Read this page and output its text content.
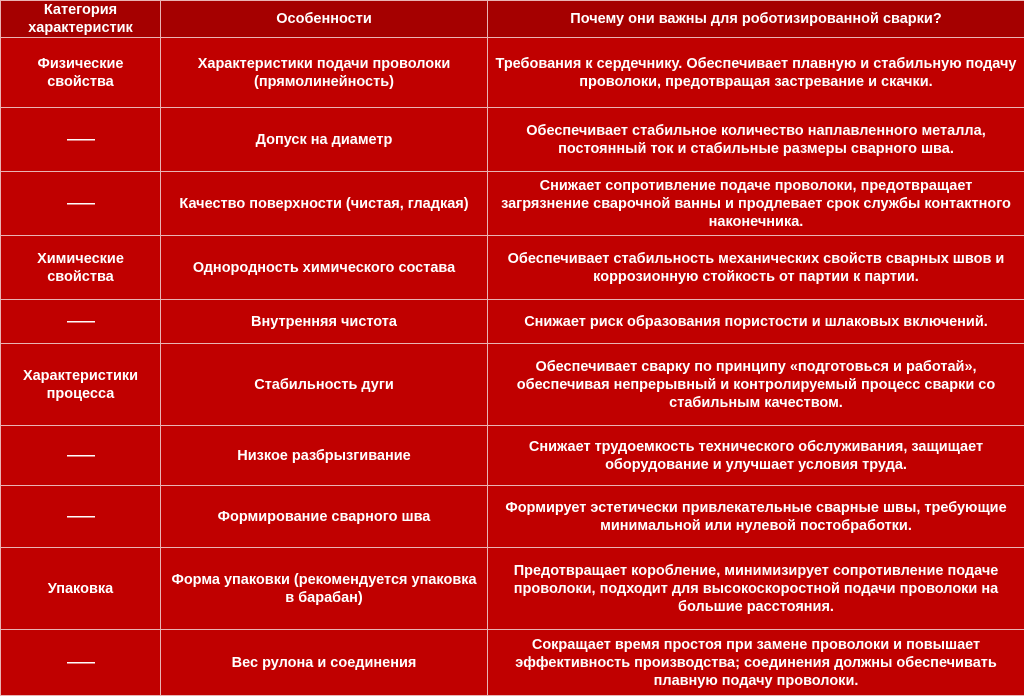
Категория характеристик	Особенности	Почему они важны для роботизированной сварки?
Физические свойства	Характеристики подачи проволоки (прямолинейность)	Требования к сердечнику. Обеспечивает плавную и стабильную подачу проволоки, предотвращая застревание и скачки.
——	Допуск на диаметр	Обеспечивает стабильное количество наплавленного металла, постоянный ток и стабильные размеры сварного шва.
——	Качество поверхности (чистая, гладкая)	Снижает сопротивление подаче проволоки, предотвращает загрязнение сварочной ванны и продлевает срок службы контактного наконечника.
Химические свойства	Однородность химического состава	Обеспечивает стабильность механических свойств сварных швов и коррозионную стойкость от партии к партии.
——	Внутренняя чистота	Снижает риск образования пористости и шлаковых включений.
Характеристики процесса	Стабильность дуги	Обеспечивает сварку по принципу «подготовься и работай», обеспечивая непрерывный и контролируемый процесс сварки со стабильным качеством.
——	Низкое разбрызгивание	Снижает трудоемкость технического обслуживания, защищает оборудование и улучшает условия труда.
——	Формирование сварного шва	Формирует эстетически привлекательные сварные швы, требующие минимальной или нулевой постобработки.
Упаковка	Форма упаковки (рекомендуется упаковка в барабан)	Предотвращает коробление, минимизирует сопротивление подаче проволоки, подходит для высокоскоростной подачи проволоки на большие расстояния.
——	Вес рулона и соединения	Сокращает время простоя при замене проволоки и повышает эффективность производства; соединения должны обеспечивать плавную подачу проволоки.
